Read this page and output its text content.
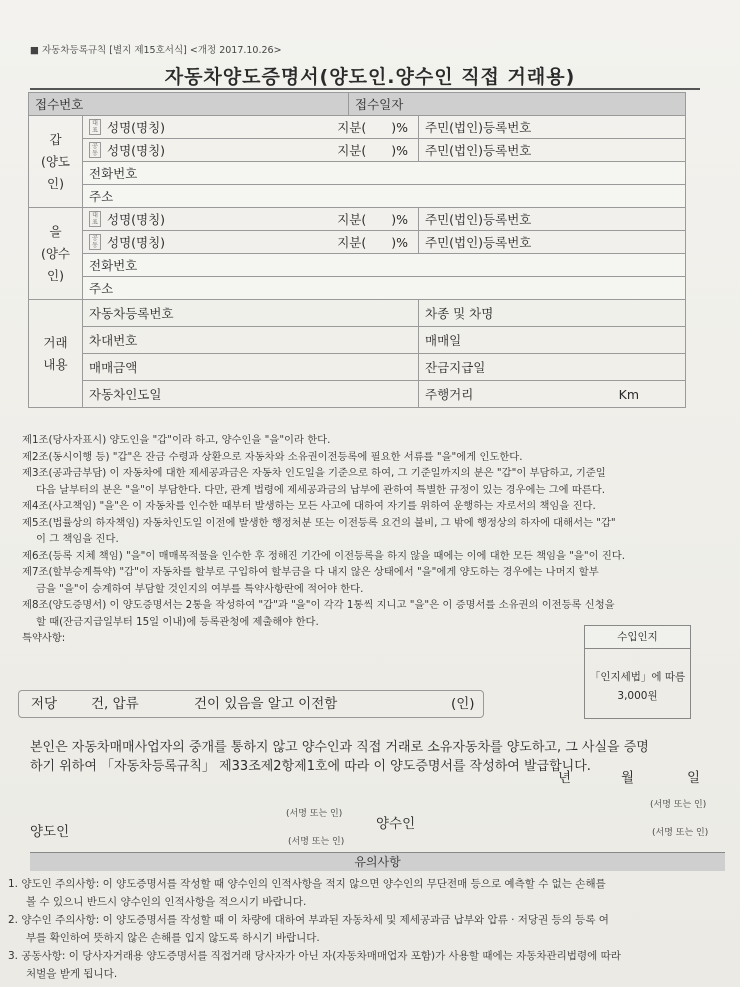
■ 자동차등록규칙 [별지 제15호서식] <개정 2017.10.26>
자동차양도증명서(양도인.양수인 직접 거래용)
접수번호		접수일자	
갑
(양도인)	대표 성명(명칭) 지분(   )%		주민(법인)등록번호

	공동 성명(명칭) 지분(   )%		주민(법인)등록번호
	전화번호		
	주소		
을
(양수인)	대표 성명(명칭) 지분(   )%		주민(법인)등록번호

	공동 성명(명칭) 지분(   )%		주민(법인)등록번호
	전화번호		
	주소		
거래
내용	자동차등록번호		차종 및 차명
	차대번호		매매일
	매매금액		잔금지급일
	자동차인도일		주행거리 Km

제1조(당사자표시) 양도인을 "갑"이라 하고, 양수인을 "을"이라 한다.

제2조(동시이행 등) "갑"은 잔금 수령과 상환으로 자동차와 소유권이전등록에 필요한 서류를 "을"에게 인도한다.

제3조(공과금부담) 이 자동차에 대한 제세공과금은 자동차 인도일을 기준으로 하여, 그 기준일까지의 분은 "갑"이 부담하고, 기준일

다음 날부터의 분은 "을"이 부담한다. 다만, 관계 법령에 제세공과금의 납부에 관하여 특별한 규정이 있는 경우에는 그에 따른다.

제4조(사고책임) "을"은 이 자동차를 인수한 때부터 발생하는 모든 사고에 대하여 자기를 위하여 운행하는 자로서의 책임을 진다.

제5조(법률상의 하자책임) 자동차인도일 이전에 발생한 행정처분 또는 이전등록 요건의 불비, 그 밖에 행정상의 하자에 대해서는 "갑"

이 그 책임을 진다.

제6조(등록 지체 책임) "을"이 매매목적물을 인수한 후 정해진 기간에 이전등록을 하지 않을 때에는 이에 대한 모든 책임을 "을"이 진다.

제7조(할부승계특약) "갑"이 자동차를 할부로 구입하여 할부금을 다 내지 않은 상태에서 "을"에게 양도하는 경우에는 나머지 할부

금을 "을"이 승계하여 부담할 것인지의 여부를 특약사항란에 적어야 한다.

제8조(양도증명서) 이 양도증명서는 2통을 작성하여 "갑"과 "을"이 각각 1통씩 지니고 "을"은 이 증명서를 소유권의 이전등록 신청을

할 때(잔금지급일부터 15일 이내)에 등록관청에 제출해야 한다.

특약사항:	수입인지
「인지세법」에 따름
3,000원
저당	건, 압류	건이 있음을 알고 이전함	(인)

본인은 자동차매매사업자의 중개를 통하지 않고 양수인과 직접 거래로 소유자동차를 양도하고, 그 사실을 증명

하기 위하여 「자동차등록규칙」 제33조제2항제1호에 따라 이 양도증명서를 작성하여 발급합니다.

년	월	일
(서명 또는 인)
(서명 또는 인)
양도인	양수인
(서명 또는 인)
(서명 또는 인)
유의사항

1. 양도인 주의사항: 이 양도증명서를 작성할 때 양수인의 인적사항을 적지 않으면 양수인의 무단전매 등으로 예측할 수 없는 손해를

볼 수 있으니 반드시 양수인의 인적사항을 적으시기 바랍니다.

2. 양수인 주의사항: 이 양도증명서를 작성할 때 이 차량에 대하여 부과된 자동차세 및 제세공과금 납부와 압류 · 저당권 등의 등록 여

부를 확인하여 뜻하지 않은 손해를 입지 않도록 하시기 바랍니다.

3. 공동사항: 이 당사자거래용 양도증명서를 직접거래 당사자가 아닌 자(자동차매매업자 포함)가 사용할 때에는 자동차관리법령에 따라

처벌을 받게 됩니다.
